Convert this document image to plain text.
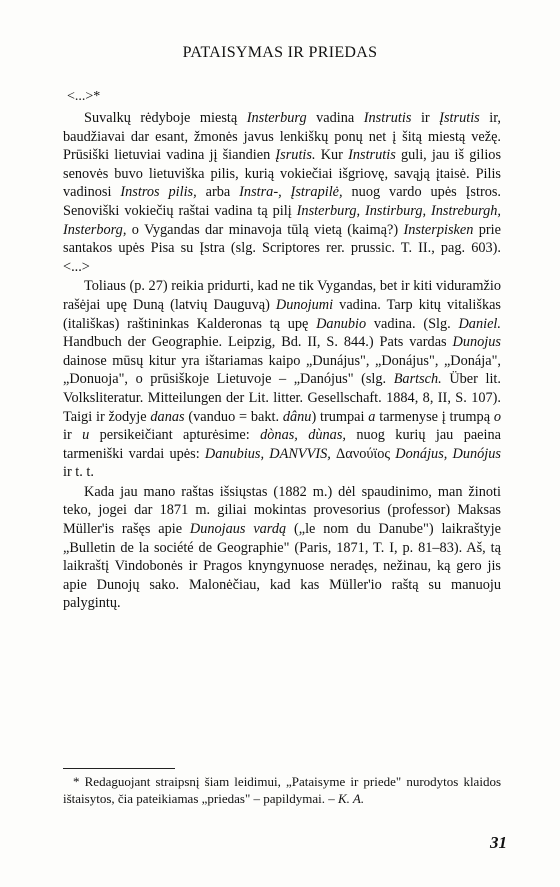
PATAISYMAS IR PRIEDAS
<...>*

Suvalkų rėdyboje miestą Insterburg vadina Instrutis ir Įstrutis ir, baudžiavai dar esant, žmonės javus lenkiškų ponų net į šitą miestą vežę. Prūsiški lietuviai vadina jį šiandien Įsrutis. Kur Instrutis guli, jau iš gilios senovės buvo lietuviška pilis, kurią vokiečiai išgriovę, savąją įtaisė. Pilis vadinosi Instros pilis, arba Instra-, Įstrapilė, nuog vardo upės Įstros. Senoviški vokiečių raštai vadina tą pilį Insterburg, Instirburg, Instreburgh, Insterborg, o Vygandas dar minavoja tūlą vietą (kaimą?) Insterpisken prie santakos upės Pisa su Įstra (slg. Scriptores rer. prussic. T. II., pag. 603). <...>

Toliaus (p. 27) reikia pridurti, kad ne tik Vygandas, bet ir kiti viduramžio rašėjai upę Duną (latvių Dauguvą) Dunojumi vadina. Tarp kitų vitališkas (itališkas) raštininkas Kalderonas tą upę Danubio vadina. (Slg. Daniel. Handbuch der Geographie. Leipzig, Bd. II, S. 844.) Pats vardas Dunojus dainose mūsų kitur yra ištariamas kaipo „Dunájus", „Donájus", „Donája", „Donuoja", o prūsiškoje Lietuvoje – „Danójus" (slg. Bartsch. Über lit. Volksliteratur. Mitteilungen der Lit. litter. Gesellschaft. 1884, 8, II, S. 107). Taigi ir žodyje danas (vanduo = bakt. dânu) trumpai a tarmenyse į trumpą o ir u persikeičiant apturėsime: dònas, dùnas, nuog kurių jau paeina tarmeniški vardai upės: Danubius, DANVVIS, Δανούϊος Donájus, Dunójus ir t. t.

Kada jau mano raštas išsiųstas (1882 m.) dėl spaudinimo, man žinoti teko, jogei dar 1871 m. giliai mokintas provesorius (professor) Maksas Müller'is rašęs apie Dunojaus vardą („le nom du Danube") laikraštyje „Bulletin de la société de Geographie" (Paris, 1871, T. I, p. 81–83). Aš, tą laikraštį Vindobonės ir Pragos knyngynuose neradęs, nežinau, ką gero jis apie Dunojų sako. Malonėčiau, kad kas Müller'io raštą su manuoju palygintų.

* Redaguojant straipsnį šiam leidimui, „Pataisyme ir priede" nurodytos klaidos ištaisytos, čia pateikiamas „priedas" – papildymai. – K. A.

31
